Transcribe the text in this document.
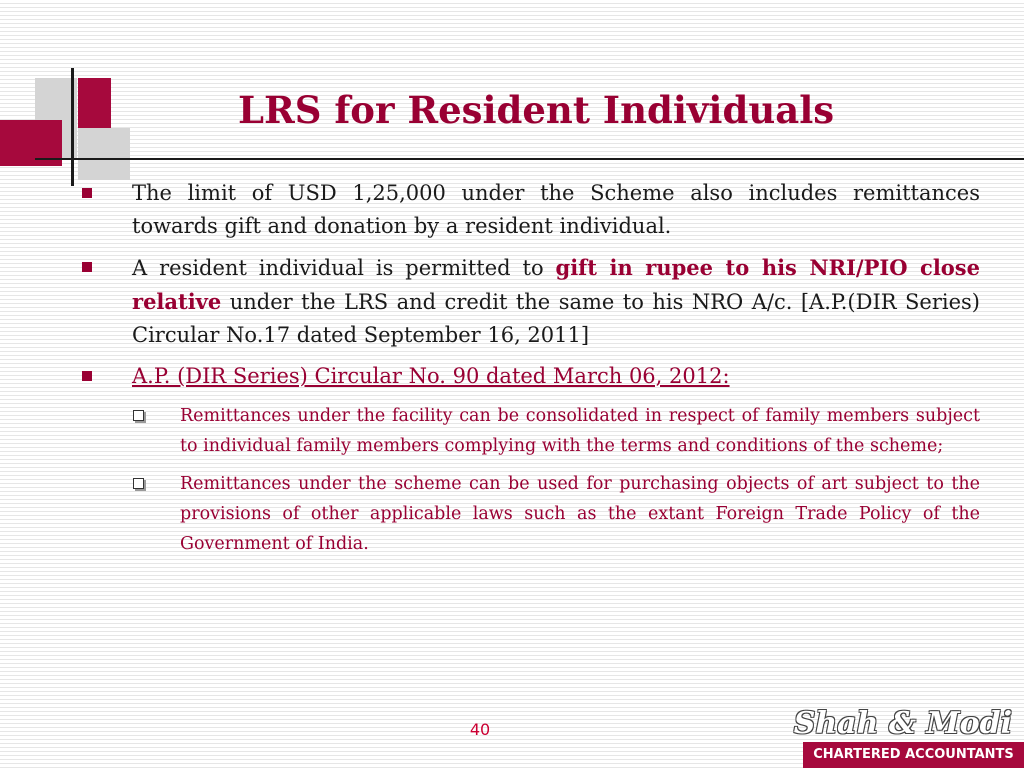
LRS for Resident Individuals
The limit of USD 1,25,000 under the Scheme also includes remittances towards gift and donation by a resident individual.
A resident individual is permitted to gift in rupee to his NRI/PIO close relative under the LRS and credit the same to his NRO A/c. [A.P.(DIR Series) Circular No.17 dated September 16, 2011]
A.P. (DIR Series) Circular No. 90 dated March 06, 2012:
Remittances under the facility can be consolidated in respect of family members subject to individual family members complying with the terms and conditions of the scheme;
Remittances under the scheme can be used for purchasing objects of art subject to the provisions of other applicable laws such as the extant Foreign Trade Policy of the Government of India.
40	Shah & Modi
CHARTERED ACCOUNTANTS
